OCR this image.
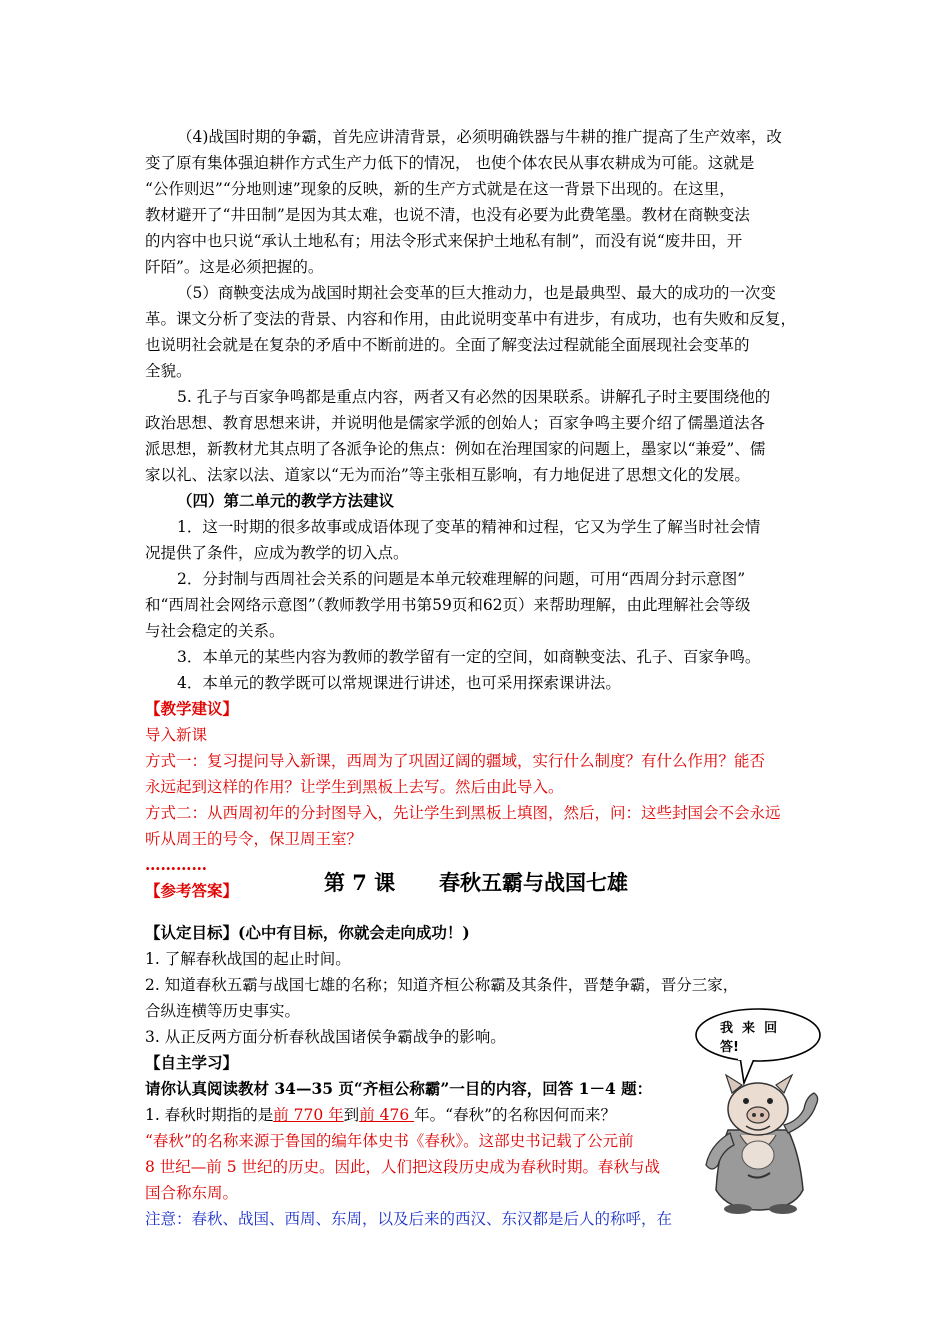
（4)战国时期的争霸，首先应讲清背景，必须明确铁器与牛耕的推广提高了生产效率，改
变了原有集体强迫耕作方式生产力低下的情况， 也使个体农民从事农耕成为可能。这就是
“公作则迟”“分地则速”现象的反映，新的生产方式就是在这一背景下出现的。在这里，
教材避开了“井田制”是因为其太难，也说不清，也没有必要为此费笔墨。教材在商鞅变法
的内容中也只说“承认土地私有；用法令形式来保护土地私有制”，而没有说“废井田，开
阡陌”。这是必须把握的。
（5）商鞅变法成为战国时期社会变革的巨大推动力，也是最典型、最大的成功的一次变
革。课文分析了变法的背景、内容和作用，由此说明变革中有进步，有成功，也有失败和反复，
也说明社会就是在复杂的矛盾中不断前进的。全面了解变法过程就能全面展现社会变革的
全貌。
5. 孔子与百家争鸣都是重点内容，两者又有必然的因果联系。讲解孔子时主要围绕他的
政治思想、教育思想来讲，并说明他是儒家学派的创始人；百家争鸣主要介绍了儒墨道法各
派思想，新教材尤其点明了各派争论的焦点：例如在治理国家的问题上，墨家以“兼爱”、儒
家以礼、法家以法、道家以“无为而治”等主张相互影响，有力地促进了思想文化的发展。
（四）第二单元的教学方法建议
1．这一时期的很多故事或成语体现了变革的精神和过程，它又为学生了解当时社会情
况提供了条件，应成为教学的切入点。
2．分封制与西周社会关系的问题是本单元较难理解的问题，可用“西周分封示意图”
和“西周社会网络示意图”（教师教学用书第59页和62页）来帮助理解，由此理解社会等级
与社会稳定的关系。
3．本单元的某些内容为教师的教学留有一定的空间，如商鞅变法、孔子、百家争鸣。
4．本单元的教学既可以常规课进行讲述，也可采用探索课讲法。
【教学建议】
导入新课
方式一：复习提问导入新课，西周为了巩固辽阔的疆域，实行什么制度？有什么作用？能否
永远起到这样的作用？让学生到黑板上去写。然后由此导入。
方式二：从西周初年的分封图导入，先让学生到黑板上填图，然后，问：这些封国会不会永远
听从周王的号令，保卫周王室？
…………
【参考答案】	第 7 课      春秋五霸与战国七雄
【认定目标】(心中有目标，你就会走向成功！)
1. 了解春秋战国的起止时间。
2. 知道春秋五霸与战国七雄的名称；知道齐桓公称霸及其条件，晋楚争霸，晋分三家，
合纵连横等历史事实。
3. 从正反两方面分析春秋战国诸侯争霸战争的影响。
【自主学习】
请你认真阅读教材 34—35 页“齐桓公称霸”一目的内容，回答 1－4 题：
1. 春秋时期指的是前 770 年到前 476 年。“春秋”的名称因何而来？
“春秋”的名称来源于鲁国的编年体史书《春秋》。这部史书记载了公元前
8 世纪—前 5 世纪的历史。因此，人们把这段历史成为春秋时期。春秋与战
国合称东周。
注意：春秋、战国、西周、东周，以及后来的西汉、东汉都是后人的称呼，在
我  来  回
答!
